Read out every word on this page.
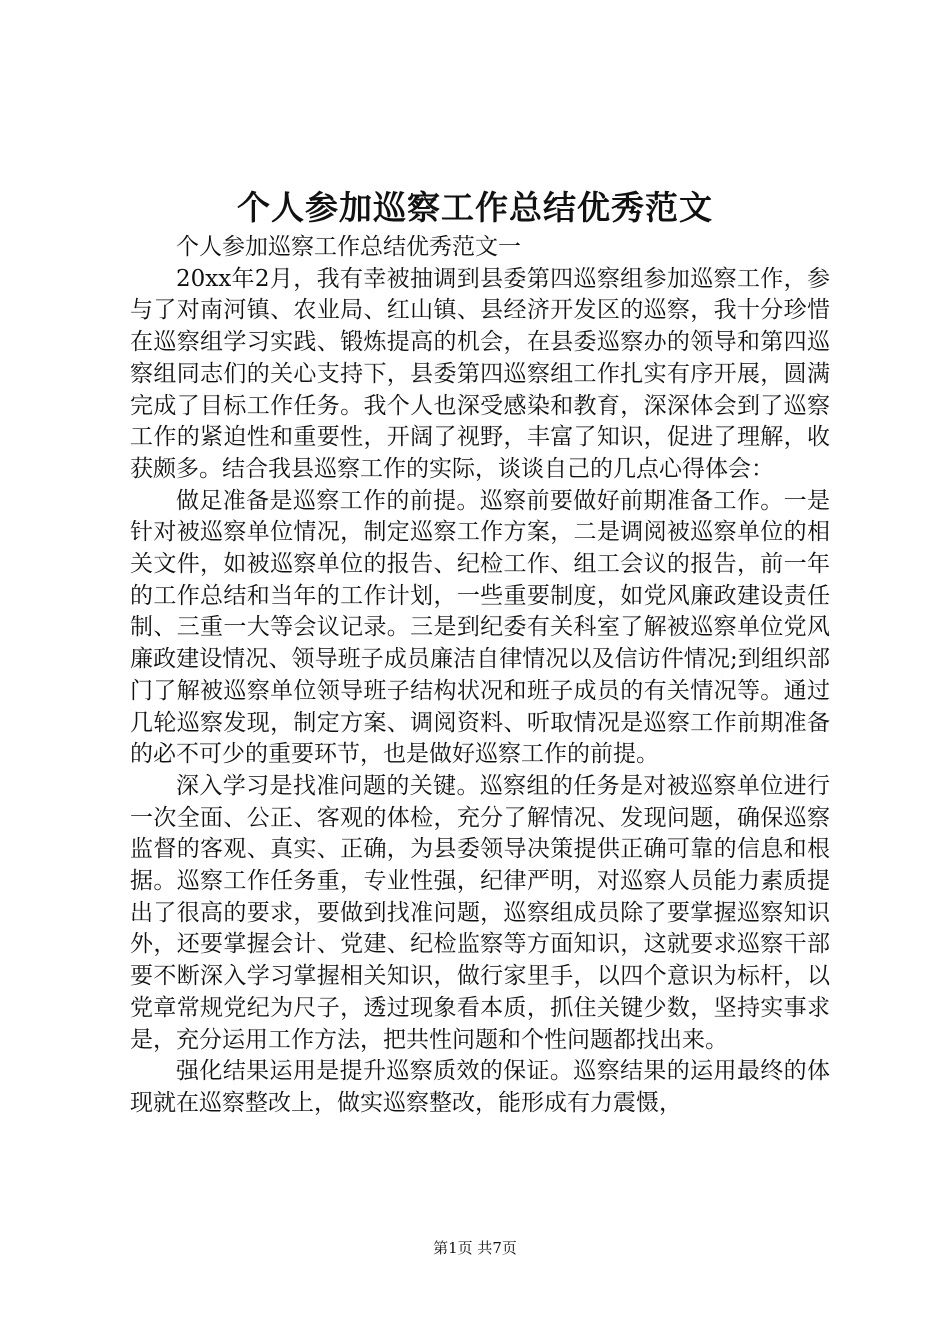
个人参加巡察工作总结优秀范文

个人参加巡察工作总结优秀范文一

20xx年2月，我有幸被抽调到县委第四巡察组参加巡察工作，参与了对南河镇、农业局、红山镇、县经济开发区的巡察，我十分珍惜在巡察组学习实践、锻炼提高的机会，在县委巡察办的领导和第四巡察组同志们的关心支持下，县委第四巡察组工作扎实有序开展，圆满完成了目标工作任务。我个人也深受感染和教育，深深体会到了巡察工作的紧迫性和重要性，开阔了视野，丰富了知识，促进了理解，收获颇多。结合我县巡察工作的实际，谈谈自己的几点心得体会：

做足准备是巡察工作的前提。巡察前要做好前期准备工作。一是针对被巡察单位情况，制定巡察工作方案，二是调阅被巡察单位的相关文件，如被巡察单位的报告、纪检工作、组工会议的报告，前一年的工作总结和当年的工作计划，一些重要制度，如党风廉政建设责任制、三重一大等会议记录。三是到纪委有关科室了解被巡察单位党风廉政建设情况、领导班子成员廉洁自律情况以及信访件情况;到组织部门了解被巡察单位领导班子结构状况和班子成员的有关情况等。通过几轮巡察发现，制定方案、调阅资料、听取情况是巡察工作前期准备的必不可少的重要环节，也是做好巡察工作的前提。

深入学习是找准问题的关键。巡察组的任务是对被巡察单位进行一次全面、公正、客观的体检，充分了解情况、发现问题，确保巡察监督的客观、真实、正确，为县委领导决策提供正确可靠的信息和根据。巡察工作任务重，专业性强，纪律严明，对巡察人员能力素质提出了很高的要求，要做到找准问题，巡察组成员除了要掌握巡察知识外，还要掌握会计、党建、纪检监察等方面知识，这就要求巡察干部要不断深入学习掌握相关知识，做行家里手，以四个意识为标杆，以党章常规党纪为尺子，透过现象看本质，抓住关键少数，坚持实事求是，充分运用工作方法，把共性问题和个性问题都找出来。

强化结果运用是提升巡察质效的保证。巡察结果的运用最终的体现就在巡察整改上，做实巡察整改，能形成有力震慑，

第1页 共7页
